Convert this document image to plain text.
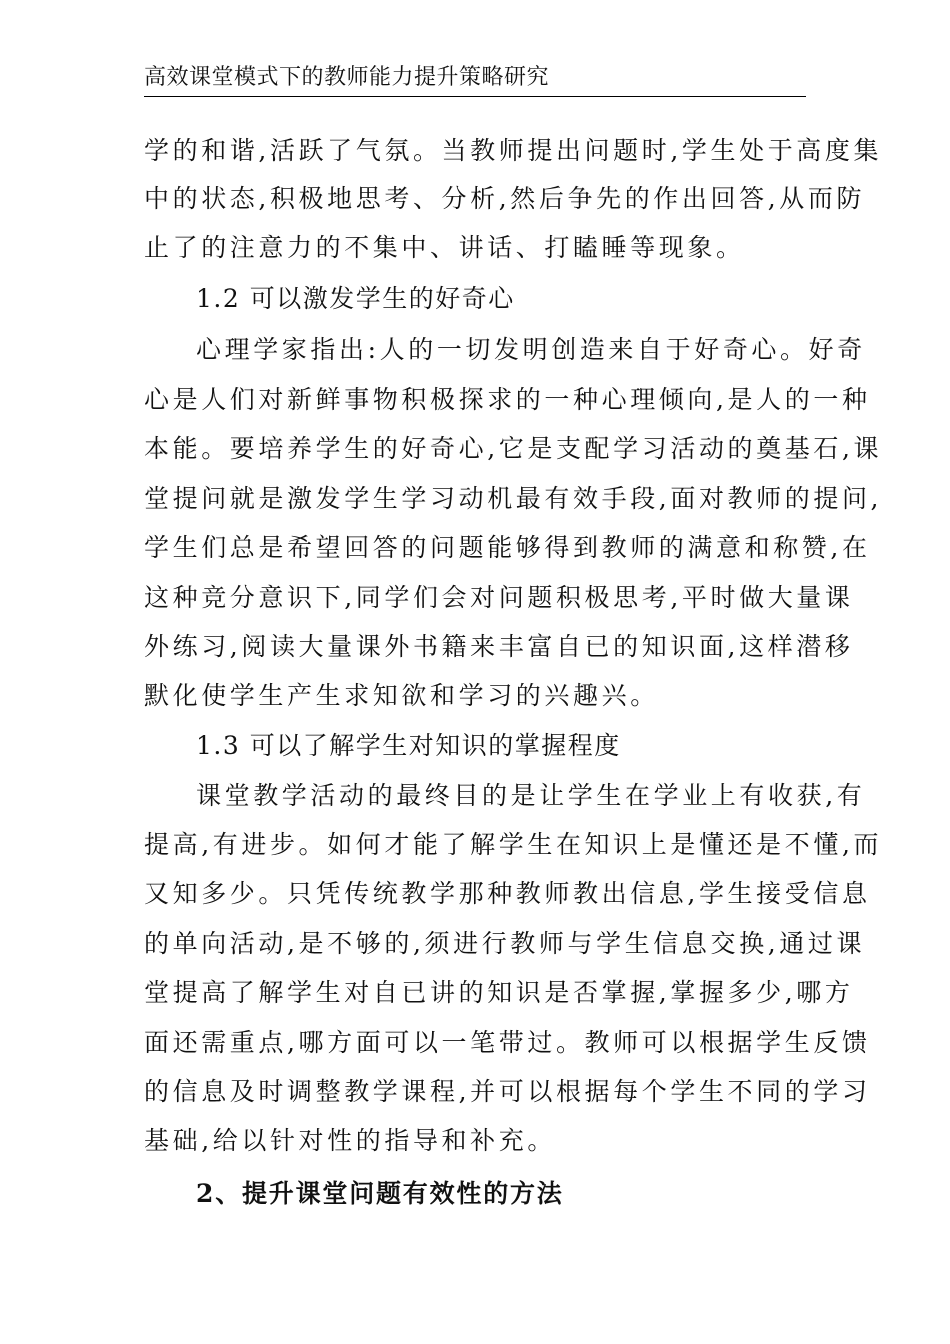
高效课堂模式下的教师能力提升策略研究
学的和谐,活跃了气氛。当教师提出问题时,学生处于高度集
中的状态,积极地思考、分析,然后争先的作出回答,从而防
止了的注意力的不集中、讲话、打瞌睡等现象。
1.2 可以激发学生的好奇心
心理学家指出:人的一切发明创造来自于好奇心。好奇
心是人们对新鲜事物积极探求的一种心理倾向,是人的一种
本能。要培养学生的好奇心,它是支配学习活动的奠基石,课
堂提问就是激发学生学习动机最有效手段,面对教师的提问,
学生们总是希望回答的问题能够得到教师的满意和称赞,在
这种竞分意识下,同学们会对问题积极思考,平时做大量课
外练习,阅读大量课外书籍来丰富自已的知识面,这样潜移
默化使学生产生求知欲和学习的兴趣兴。
1.3 可以了解学生对知识的掌握程度
课堂教学活动的最终目的是让学生在学业上有收获,有
提高,有进步。如何才能了解学生在知识上是懂还是不懂,而
又知多少。只凭传统教学那种教师教出信息,学生接受信息
的单向活动,是不够的,须进行教师与学生信息交换,通过课
堂提高了解学生对自已讲的知识是否掌握,掌握多少,哪方
面还需重点,哪方面可以一笔带过。教师可以根据学生反馈
的信息及时调整教学课程,并可以根据每个学生不同的学习
基础,给以针对性的指导和补充。
2、提升课堂问题有效性的方法
